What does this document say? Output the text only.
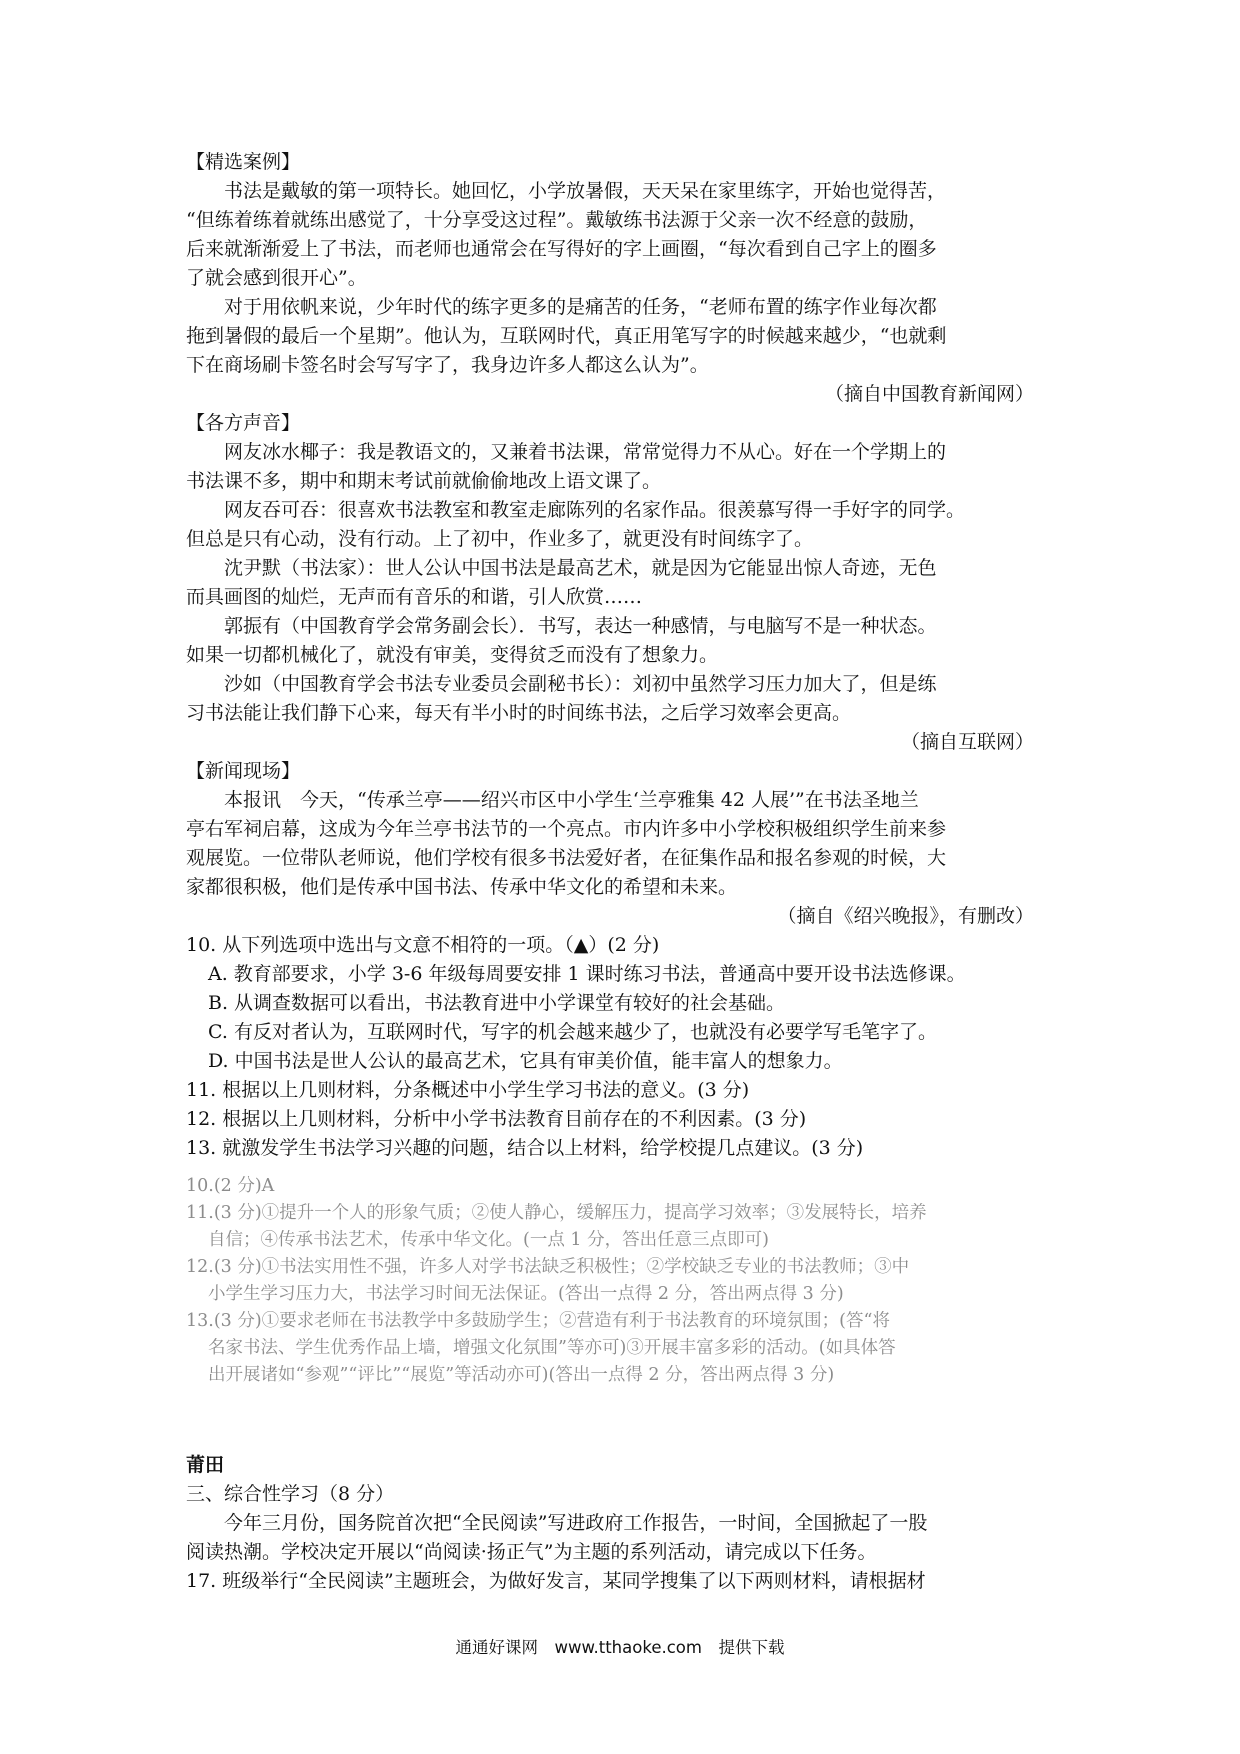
【精选案例】
书法是戴敏的第一项特长。她回忆，小学放暑假，天天呆在家里练字，开始也觉得苦，
“但练着练着就练出感觉了，十分享受这过程”。戴敏练书法源于父亲一次不经意的鼓励，
后来就渐渐爱上了书法，而老师也通常会在写得好的字上画圈，“每次看到自己字上的圈多
了就会感到很开心”。
对于用依帆来说，少年时代的练字更多的是痛苦的任务，“老师布置的练字作业每次都
拖到暑假的最后一个星期”。他认为，互联网时代，真正用笔写字的时候越来越少，“也就剩
下在商场刷卡签名时会写写字了，我身边许多人都这么认为”。
（摘自中国教育新闻网）
【各方声音】
网友冰水椰子：我是教语文的，又兼着书法课，常常觉得力不从心。好在一个学期上的
书法课不多，期中和期末考试前就偷偷地改上语文课了。
网友吞可吞：很喜欢书法教室和教室走廊陈列的名家作品。很羡慕写得一手好字的同学。
但总是只有心动，没有行动。上了初中，作业多了，就更没有时间练字了。
沈尹默（书法家）：世人公认中国书法是最高艺术，就是因为它能显出惊人奇迹，无色
而具画图的灿烂，无声而有音乐的和谐，引人欣赏……
郭振有（中国教育学会常务副会长）．书写，表达一种感情，与电脑写不是一种状态。
如果一切都机械化了，就没有审美，变得贫乏而没有了想象力。
沙如（中国教育学会书法专业委员会副秘书长）：刘初中虽然学习压力加大了，但是练
习书法能让我们静下心来，每天有半小时的时间练书法，之后学习效率会更高。
（摘自互联网）
【新闻现场】
本报讯　今天，“传承兰亭——绍兴市区中小学生‘兰亭雅集 42 人展’”在书法圣地兰
亭右军祠启幕，这成为今年兰亭书法节的一个亮点。市内许多中小学校积极组织学生前来参
观展览。一位带队老师说，他们学校有很多书法爱好者，在征集作品和报名参观的时候，大
家都很积极，他们是传承中国书法、传承中华文化的希望和未来。
（摘自《绍兴晚报》，有删改）
10. 从下列选项中选出与文意不相符的一项。（▲）(2 分)
A. 教育部要求，小学 3-6 年级每周要安排 1 课时练习书法，普通高中要开设书法选修课。
B. 从调查数据可以看出，书法教育进中小学课堂有较好的社会基础。
C. 有反对者认为，互联网时代，写字的机会越来越少了，也就没有必要学写毛笔字了。
D. 中国书法是世人公认的最高艺术，它具有审美价值，能丰富人的想象力。
11. 根据以上几则材料，分条概述中小学生学习书法的意义。(3 分)
12. 根据以上几则材料，分析中小学书法教育目前存在的不利因素。(3 分)
13. 就激发学生书法学习兴趣的问题，结合以上材料，给学校提几点建议。(3 分)
10.(2 分)A
11.(3 分)①提升一个人的形象气质；②使人静心，缓解压力，提高学习效率；③发展特长，培养
自信；④传承书法艺术，传承中华文化。(一点 1 分，答出任意三点即可)
12.(3 分)①书法实用性不强，许多人对学书法缺乏积极性；②学校缺乏专业的书法教师；③中
小学生学习压力大，书法学习时间无法保证。(答出一点得 2 分，答出两点得 3 分)
13.(3 分)①要求老师在书法教学中多鼓励学生；②营造有利于书法教育的环境氛围；(答“将
名家书法、学生优秀作品上墙，增强文化氛围”等亦可)③开展丰富多彩的活动。(如具体答
出开展诸如“参观”“评比”“展览”等活动亦可)(答出一点得 2 分，答出两点得 3 分)
莆田
三、综合性学习（8 分）
今年三月份，国务院首次把“全民阅读”写进政府工作报告，一时间，全国掀起了一股
阅读热潮。学校决定开展以“尚阅读·扬正气”为主题的系列活动，请完成以下任务。
17. 班级举行“全民阅读”主题班会，为做好发言，某同学搜集了以下两则材料，请根据材
通通好课网　www.tthaoke.com　提供下载
